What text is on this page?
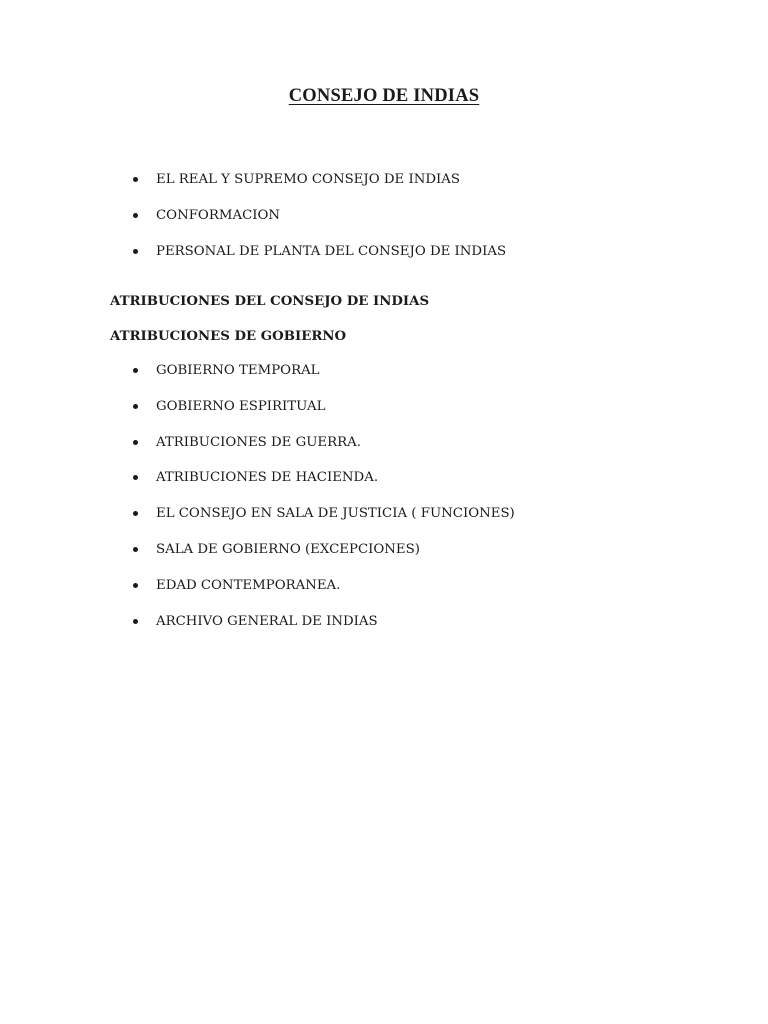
CONSEJO DE INDIAS
EL REAL Y SUPREMO CONSEJO DE INDIAS
CONFORMACION
PERSONAL DE PLANTA DEL CONSEJO DE INDIAS
ATRIBUCIONES DEL CONSEJO DE INDIAS
ATRIBUCIONES DE GOBIERNO
GOBIERNO TEMPORAL
GOBIERNO ESPIRITUAL
ATRIBUCIONES DE GUERRA.
ATRIBUCIONES DE HACIENDA.
EL CONSEJO EN SALA DE JUSTICIA ( FUNCIONES)
SALA DE GOBIERNO (EXCEPCIONES)
EDAD CONTEMPORANEA.
ARCHIVO GENERAL DE INDIAS
